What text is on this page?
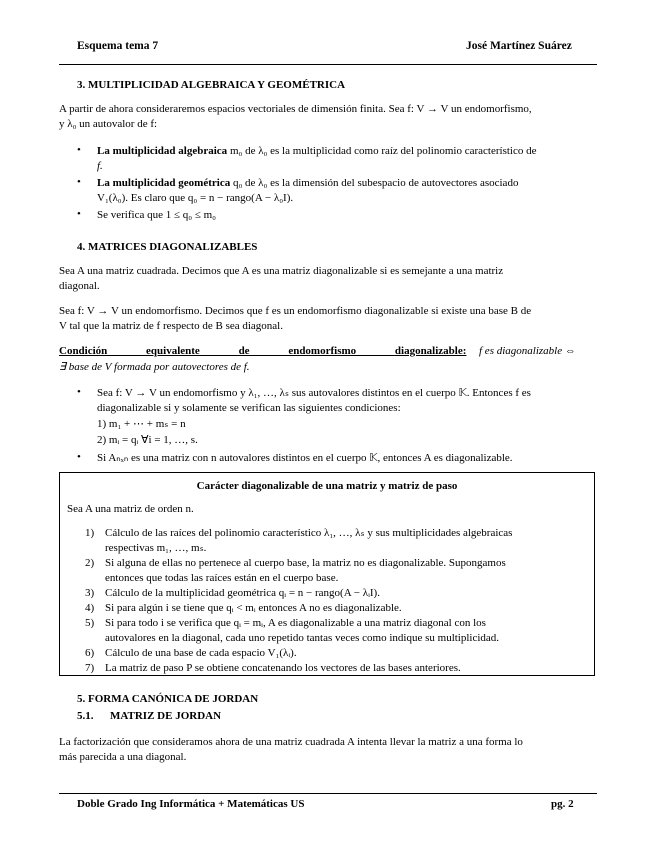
Esquema tema 7	José Martínez Suárez
3. MULTIPLICIDAD ALGEBRAICA Y GEOMÉTRICA
A partir de ahora consideraremos espacios vectoriales de dimensión finita. Sea f: V → V un endomorfismo,
y λ₀ un autovalor de f:
• La multiplicidad algebraica m₀ de λ₀ es la multiplicidad como raíz del polinomio característico de
f.
• La multiplicidad geométrica q₀ de λ₀ es la dimensión del subespacio de autovectores asociado
V₁(λ₀). Es claro que q₀ = n − rango(A − λ₀I).
• Se verifica que 1 ≤ q₀ ≤ m₀
4. MATRICES DIAGONALIZABLES
Sea A una matriz cuadrada. Decimos que A es una matriz diagonalizable si es semejante a una matriz
diagonal.
Sea f: V → V un endomorfismo. Decimos que f es un endomorfismo diagonalizable si existe una base B de
V tal que la matriz de f respecto de B sea diagonal.
Condición equivalente de endomorfismo diagonalizable: f es diagonalizable ⇔
∃ base de V formada por autovectores de f.
• Sea f: V → V un endomorfismo y λ₁, …, λₛ sus autovalores distintos en el cuerpo 𝕂. Entonces f es
diagonalizable si y solamente se verifican las siguientes condiciones:
1) m₁ + ⋯ + mₛ = n
2) mᵢ = qᵢ ∀i = 1, …, s.
• Si Aₙₓₙ es una matriz con n autovalores distintos en el cuerpo 𝕂, entonces A es diagonalizable.
Carácter diagonalizable de una matriz y matriz de paso
Sea A una matriz de orden n.
1) Cálculo de las raíces del polinomio característico λ₁, …, λₛ y sus multiplicidades algebraicas
respectivas m₁, …, mₛ.
2) Si alguna de ellas no pertenece al cuerpo base, la matriz no es diagonalizable. Supongamos
entonces que todas las raíces están en el cuerpo base.
3) Cálculo de la multiplicidad geométrica qᵢ = n − rango(A − λᵢI).
4) Si para algún i se tiene que qᵢ < mᵢ entonces A no es diagonalizable.
5) Si para todo i se verifica que qᵢ = mᵢ, A es diagonalizable a una matriz diagonal con los
autovalores en la diagonal, cada uno repetido tantas veces como indique su multiplicidad.
6) Cálculo de una base de cada espacio V₁(λᵢ).
7) La matriz de paso P se obtiene concatenando los vectores de las bases anteriores.
5. FORMA CANÓNICA DE JORDAN
5.1.      MATRIZ DE JORDAN
La factorización que consideramos ahora de una matriz cuadrada A intenta llevar la matriz a una forma lo
más parecida a una diagonal.
Doble Grado Ing Informática + Matemáticas US	pg. 2
